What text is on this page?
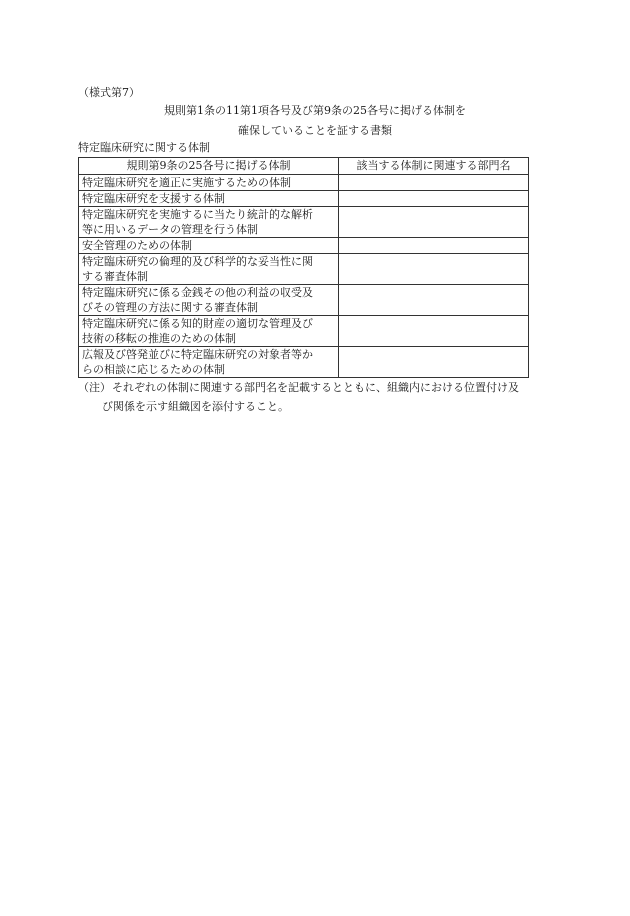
（様式第7）
規則第1条の11第1項各号及び第9条の25各号に掲げる体制を
確保していることを証する書類
特定臨床研究に関する体制
規則第9条の25各号に掲げる体制	該当する体制に関連する部門名

特定臨床研究を適正に実施するための体制	

特定臨床研究を支援する体制	

特定臨床研究を実施するに当たり統計的な解析
等に用いるデータの管理を行う体制	

安全管理のための体制	

特定臨床研究の倫理的及び科学的な妥当性に関
する審査体制	

特定臨床研究に係る金銭その他の利益の収受及
びその管理の方法に関する審査体制	

特定臨床研究に係る知的財産の適切な管理及び
技術の移転の推進のための体制	

広報及び啓発並びに特定臨床研究の対象者等か
らの相談に応じるための体制	

（注）それぞれの体制に関連する部門名を記載するとともに、組織内における位置付け及
び関係を示す組織図を添付すること。
